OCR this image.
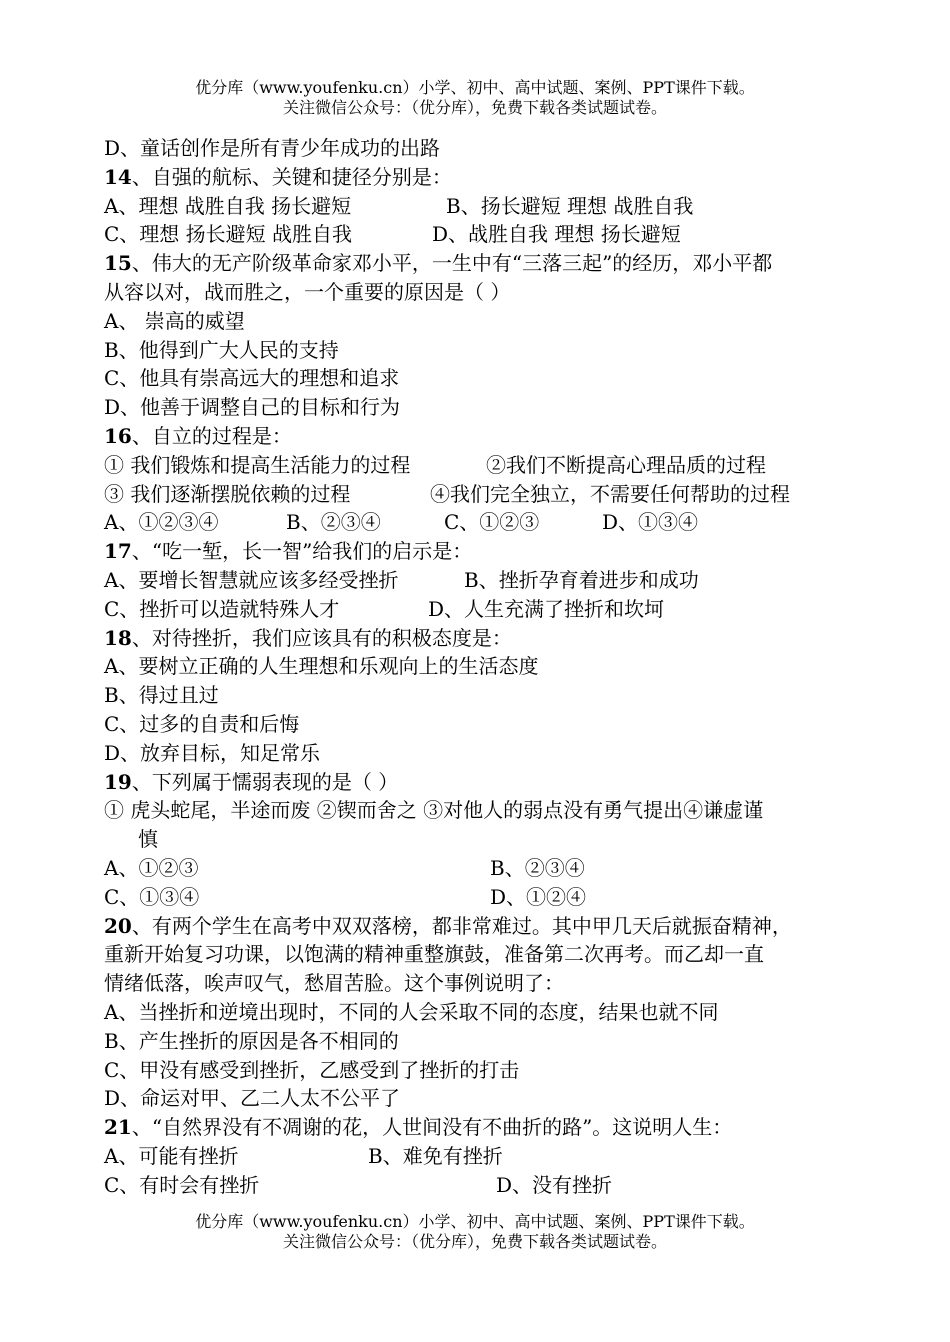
优分库（www.youfenku.cn）小学、初中、高中试题、案例、PPT课件下载。
关注微信公众号：（优分库），免费下载各类试题试卷。
D、童话创作是所有青少年成功的出路
14、自强的航标、关键和捷径分别是：
A、理想 战胜自我 扬长避短	B、扬长避短 理想 战胜自我
C、理想 扬长避短 战胜自我	D、战胜自我 理想 扬长避短
15、伟大的无产阶级革命家邓小平，一生中有“三落三起”的经历，邓小平都
从容以对，战而胜之，一个重要的原因是（ ）
A、 崇高的威望
B、他得到广大人民的支持
C、他具有崇高远大的理想和追求
D、他善于调整自己的目标和行为
16、自立的过程是：
① 我们锻炼和提高生活能力的过程	②我们不断提高心理品质的过程
③ 我们逐渐摆脱依赖的过程	④我们完全独立，不需要任何帮助的过程
A、①②③④	B、②③④	C、①②③	D、①③④
17、“吃一堑，长一智”给我们的启示是：
A、要增长智慧就应该多经受挫折	B、挫折孕育着进步和成功
C、挫折可以造就特殊人才	D、人生充满了挫折和坎坷
18、对待挫折，我们应该具有的积极态度是：
A、要树立正确的人生理想和乐观向上的生活态度
B、得过且过
C、过多的自责和后悔
D、放弃目标，知足常乐
19、下列属于懦弱表现的是（ ）
① 虎头蛇尾，半途而废 ②锲而舍之 ③对他人的弱点没有勇气提出④谦虚谨
慎
A、①②③	B、②③④
C、①③④	D、①②④
20、有两个学生在高考中双双落榜，都非常难过。其中甲几天后就振奋精神，
重新开始复习功课，以饱满的精神重整旗鼓，准备第二次再考。而乙却一直
情绪低落，唉声叹气，愁眉苦脸。这个事例说明了：
A、当挫折和逆境出现时，不同的人会采取不同的态度，结果也就不同
B、产生挫折的原因是各不相同的
C、甲没有感受到挫折，乙感受到了挫折的打击
D、命运对甲、乙二人太不公平了
21、“自然界没有不凋谢的花，人世间没有不曲折的路”。这说明人生：
A、可能有挫折	B、难免有挫折
C、有时会有挫折	D、没有挫折
优分库（www.youfenku.cn）小学、初中、高中试题、案例、PPT课件下载。
关注微信公众号：（优分库），免费下载各类试题试卷。
